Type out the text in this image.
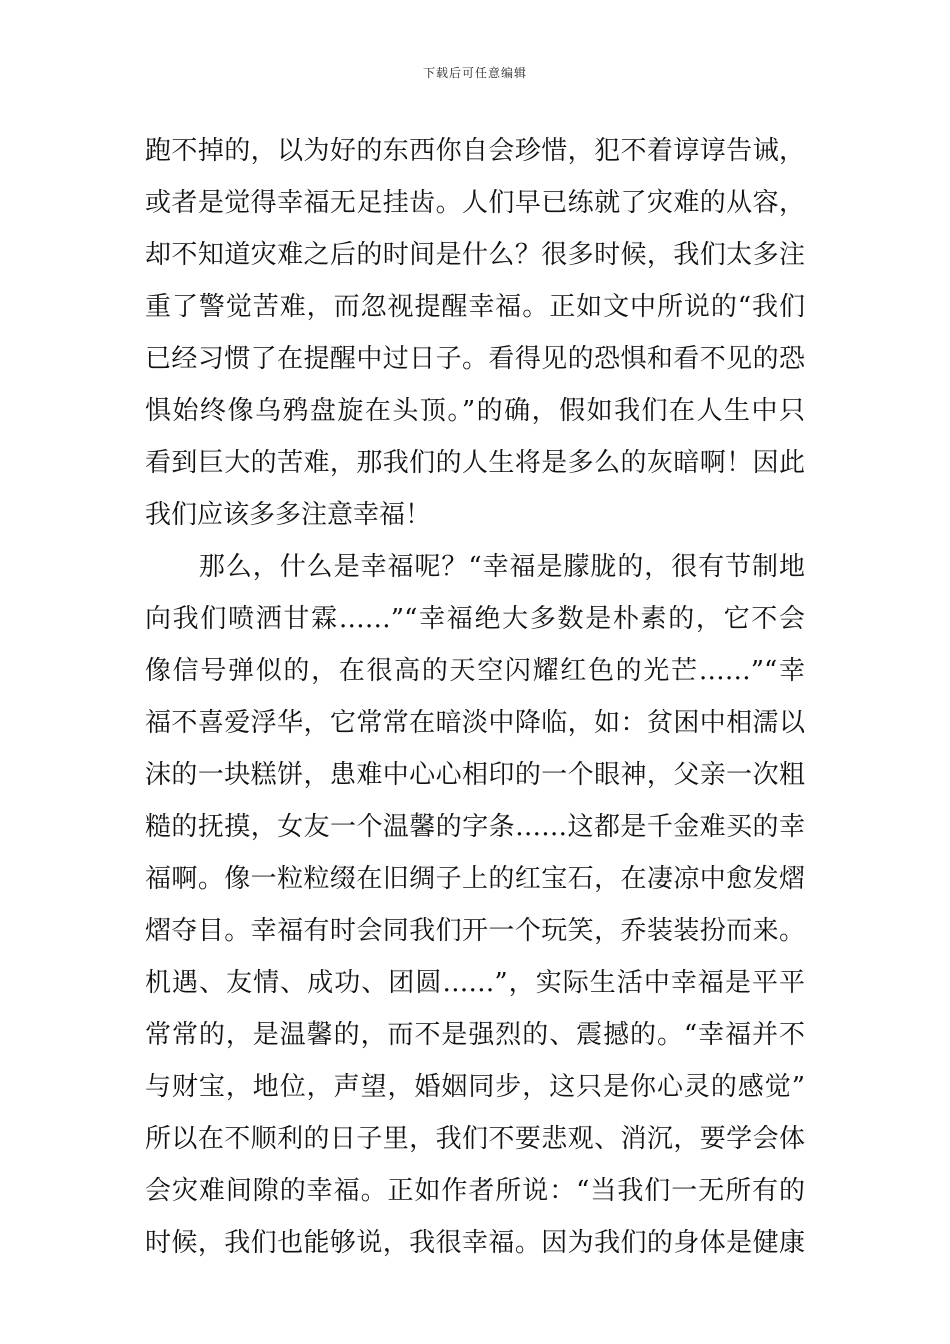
下载后可任意编辑
跑不掉的，以为好的东西你自会珍惜，犯不着谆谆告诫，
或者是觉得幸福无足挂齿。人们早已练就了灾难的从容，
却不知道灾难之后的时间是什么？很多时候，我们太多注
重了警觉苦难，而忽视提醒幸福。正如文中所说的“我们
已经习惯了在提醒中过日子。看得见的恐惧和看不见的恐
惧始终像乌鸦盘旋在头顶。”的确，假如我们在人生中只
看到巨大的苦难，那我们的人生将是多么的灰暗啊！因此
我们应该多多注意幸福！
　　那么，什么是幸福呢？“幸福是朦胧的，很有节制地
向我们喷洒甘霖……”“幸福绝大多数是朴素的，它不会
像信号弹似的，在很高的天空闪耀红色的光芒……”“幸
福不喜爱浮华，它常常在暗淡中降临，如：贫困中相濡以
沫的一块糕饼，患难中心心相印的一个眼神，父亲一次粗
糙的抚摸，女友一个温馨的字条……这都是千金难买的幸
福啊。像一粒粒缀在旧绸子上的红宝石，在凄凉中愈发熠
熠夺目。幸福有时会同我们开一个玩笑，乔装装扮而来。
机遇、友情、成功、团圆……”，实际生活中幸福是平平
常常的，是温馨的，而不是强烈的、震撼的。“幸福并不
与财宝，地位，声望，婚姻同步，这只是你心灵的感觉”
所以在不顺利的日子里，我们不要悲观、消沉，要学会体
会灾难间隙的幸福。正如作者所说：“当我们一无所有的
时候，我们也能够说，我很幸福。因为我们的身体是健康
